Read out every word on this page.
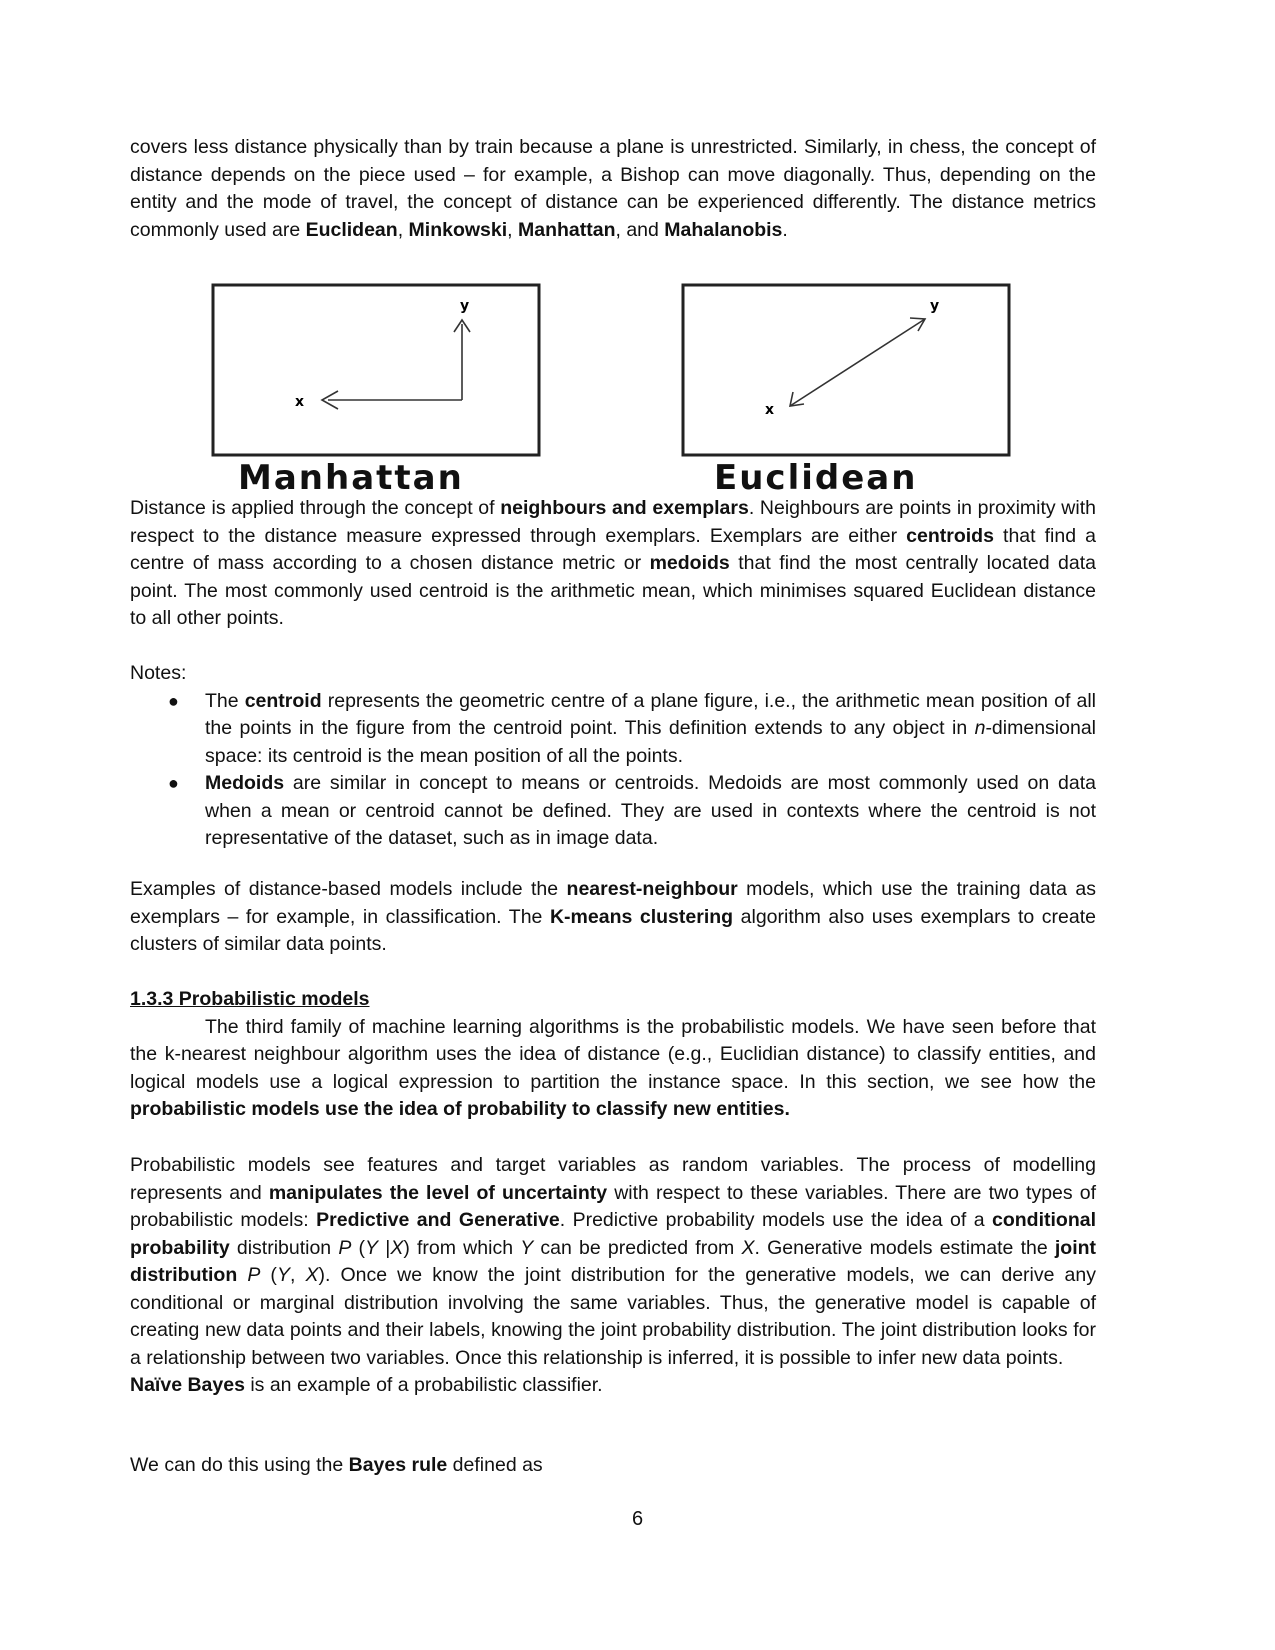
covers less distance physically than by train because a plane is unrestricted. Similarly, in chess, the concept of distance depends on the piece used – for example, a Bishop can move diagonally. Thus, depending on the entity and the mode of travel, the concept of distance can be experienced differently. The distance metrics commonly used are Euclidean, Minkowski, Manhattan, and Mahalanobis.

y
x
Manhattan
y
x
Euclidean

Distance is applied through the concept of neighbours and exemplars. Neighbours are points in proximity with respect to the distance measure expressed through exemplars. Exemplars are either centroids that find a centre of mass according to a chosen distance metric or medoids that find the most centrally located data point. The most commonly used centroid is the arithmetic mean, which minimises squared Euclidean distance to all other points.

Notes:

● The centroid represents the geometric centre of a plane figure, i.e., the arithmetic mean position of all the points in the figure from the centroid point. This definition extends to any object in n-dimensional space: its centroid is the mean position of all the points.
● Medoids are similar in concept to means or centroids. Medoids are most commonly used on data when a mean or centroid cannot be defined. They are used in contexts where the centroid is not representative of the dataset, such as in image data.

Examples of distance-based models include the nearest-neighbour models, which use the training data as exemplars – for example, in classification. The K-means clustering algorithm also uses exemplars to create clusters of similar data points.

1.3.3 Probabilistic models

The third family of machine learning algorithms is the probabilistic models. We have seen before that the k-nearest neighbour algorithm uses the idea of distance (e.g., Euclidian distance) to classify entities, and logical models use a logical expression to partition the instance space. In this section, we see how the probabilistic models use the idea of probability to classify new entities.

Probabilistic models see features and target variables as random variables. The process of modelling represents and manipulates the level of uncertainty with respect to these variables. There are two types of probabilistic models: Predictive and Generative. Predictive probability models use the idea of a conditional probability distribution P (Y |X) from which Y can be predicted from X. Generative models estimate the joint distribution P (Y, X). Once we know the joint distribution for the generative models, we can derive any conditional or marginal distribution involving the same variables. Thus, the generative model is capable of creating new data points and their labels, knowing the joint probability distribution. The joint distribution looks for a relationship between two variables. Once this relationship is inferred, it is possible to infer new data points.

Naïve Bayes is an example of a probabilistic classifier.

We can do this using the Bayes rule defined as

6
